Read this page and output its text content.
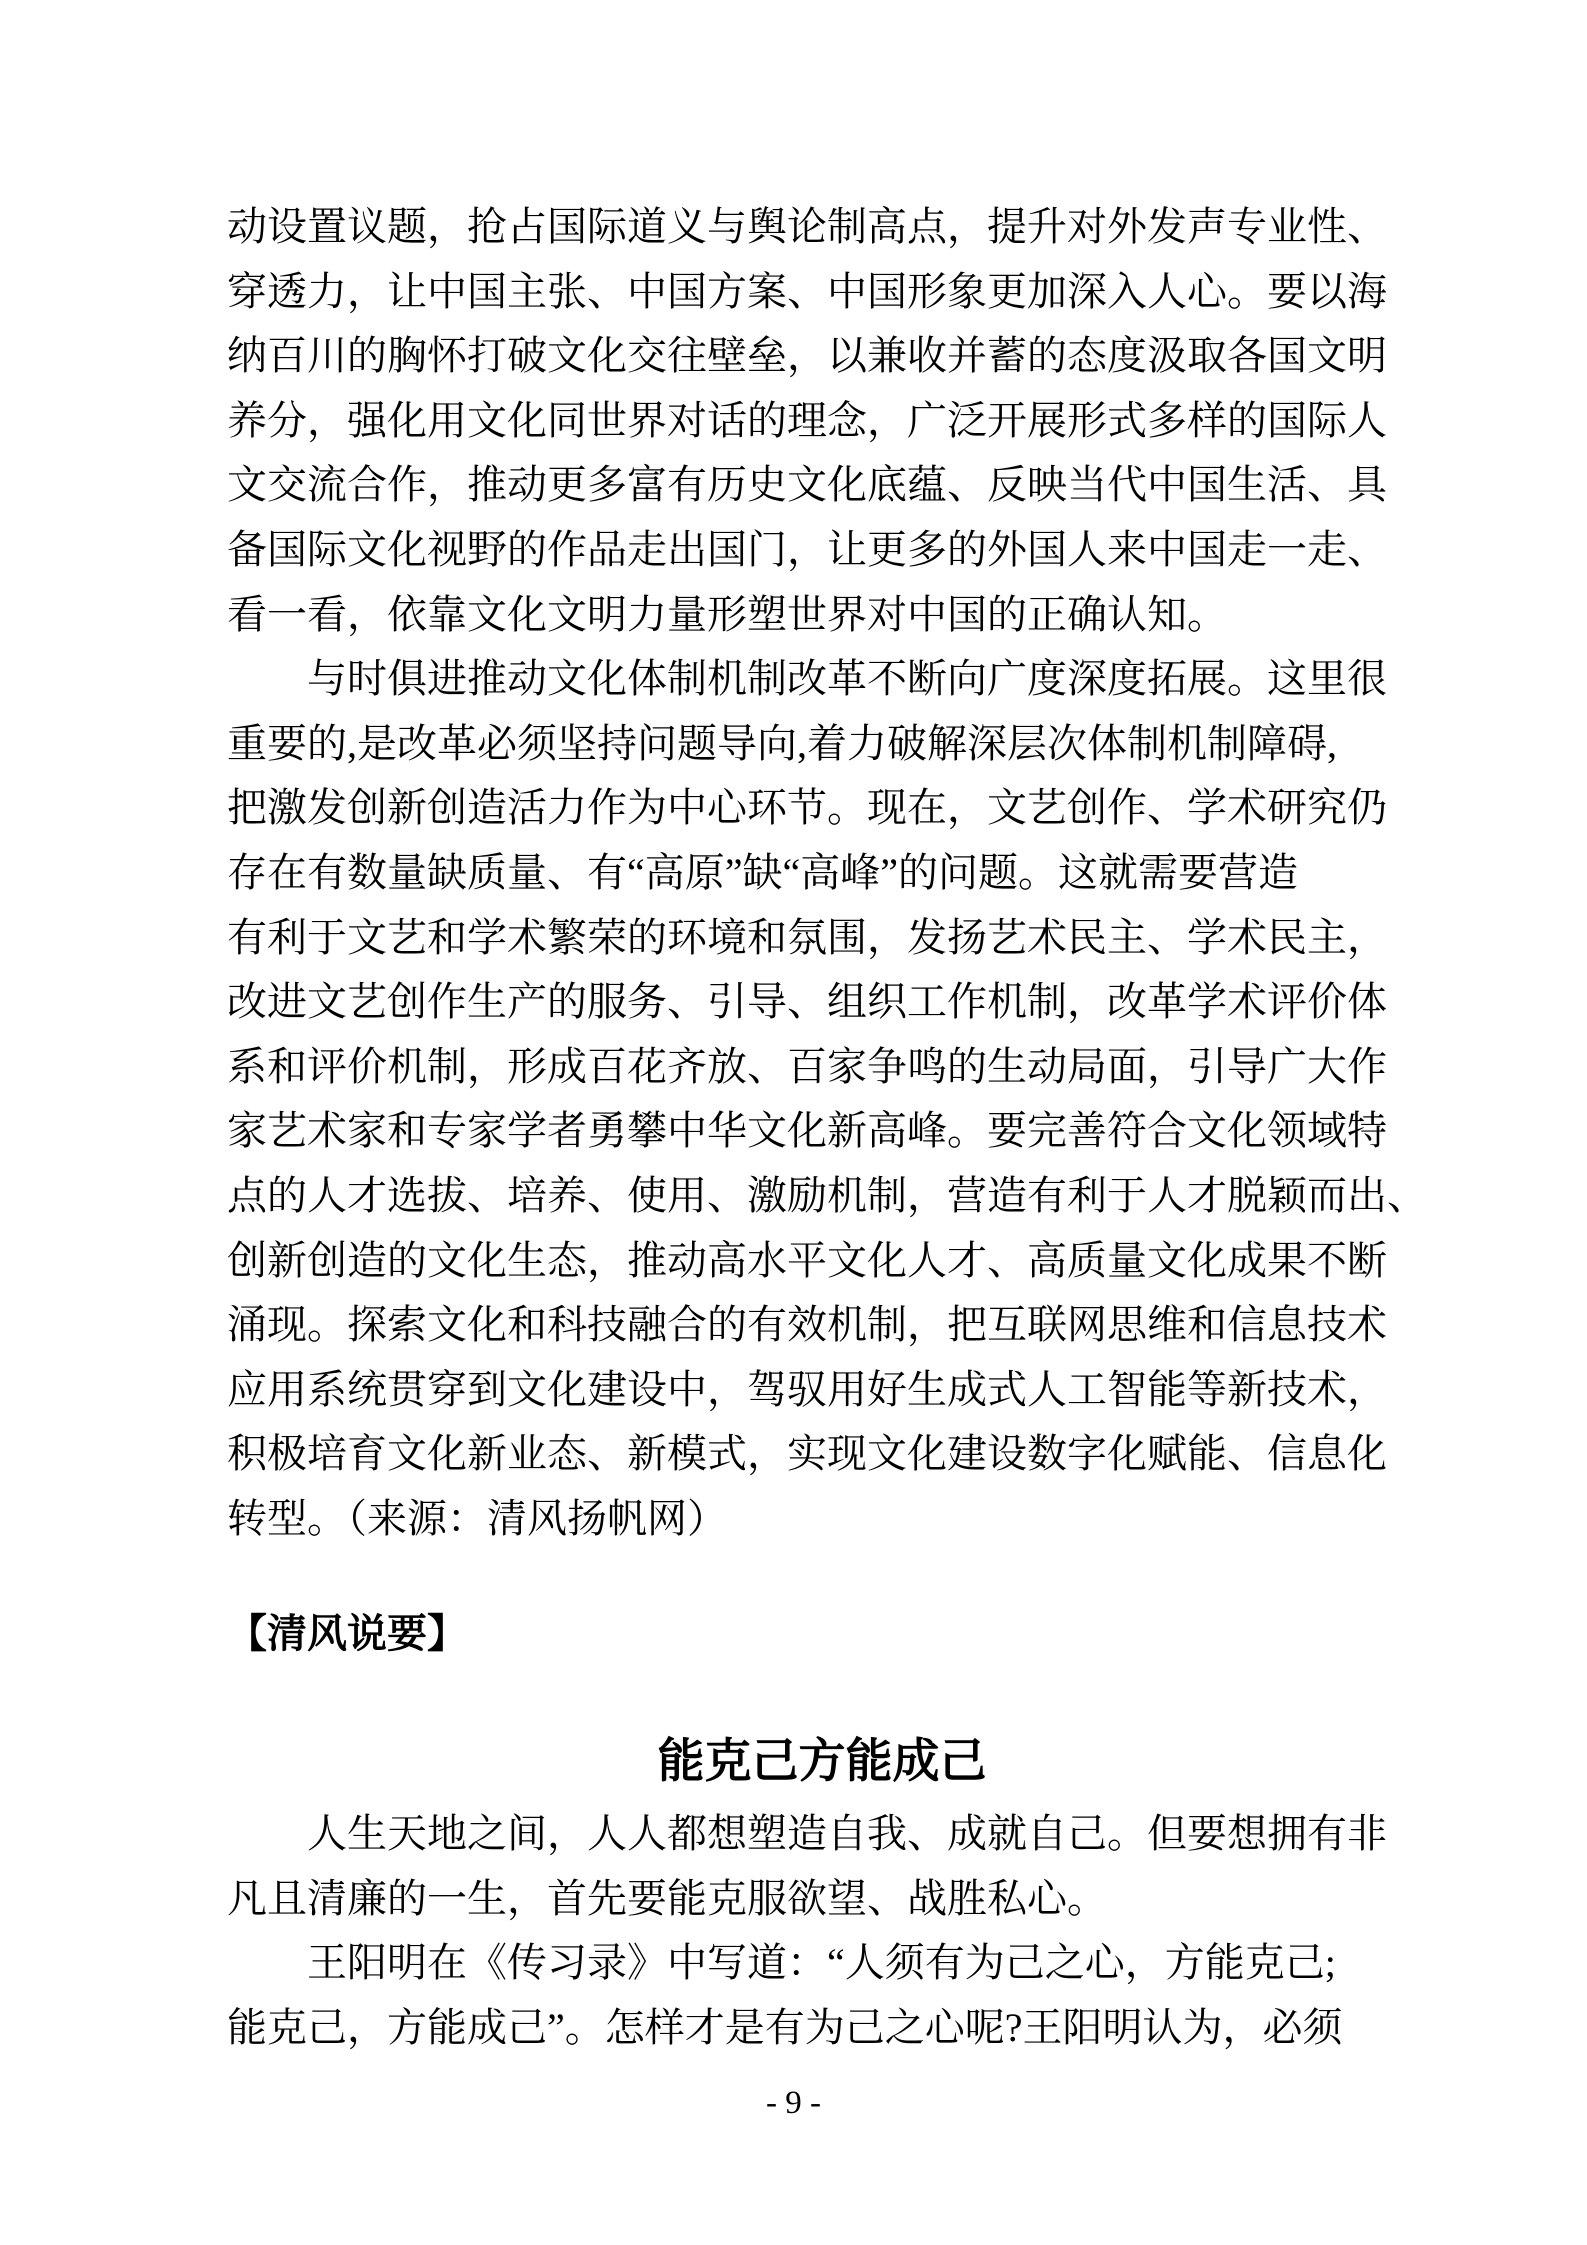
动设置议题，抢占国际道义与舆论制高点，提升对外发声专业性、
穿透力，让中国主张、中国方案、中国形象更加深入人心。要以海
纳百川的胸怀打破文化交往壁垒，以兼收并蓄的态度汲取各国文明
养分，强化用文化同世界对话的理念，广泛开展形式多样的国际人
文交流合作，推动更多富有历史文化底蕴、反映当代中国生活、具
备国际文化视野的作品走出国门，让更多的外国人来中国走一走、
看一看，依靠文化文明力量形塑世界对中国的正确认知。
　　与时俱进推动文化体制机制改革不断向广度深度拓展。这里很
重要的,是改革必须坚持问题导向,着力破解深层次体制机制障碍,
把激发创新创造活力作为中心环节。现在，文艺创作、学术研究仍
存在有数量缺质量、有“高原”缺“高峰”的问题。这就需要营造
有利于文艺和学术繁荣的环境和氛围，发扬艺术民主、学术民主，
改进文艺创作生产的服务、引导、组织工作机制，改革学术评价体
系和评价机制，形成百花齐放、百家争鸣的生动局面，引导广大作
家艺术家和专家学者勇攀中华文化新高峰。要完善符合文化领域特
点的人才选拔、培养、使用、激励机制，营造有利于人才脱颖而出、
创新创造的文化生态，推动高水平文化人才、高质量文化成果不断
涌现。探索文化和科技融合的有效机制，把互联网思维和信息技术
应用系统贯穿到文化建设中，驾驭用好生成式人工智能等新技术，
积极培育文化新业态、新模式，实现文化建设数字化赋能、信息化
转型。（来源：清风扬帆网）
【清风说要】
能克己方能成己
　　人生天地之间，人人都想塑造自我、成就自己。但要想拥有非
凡且清廉的一生，首先要能克服欲望、战胜私心。
　　王阳明在《传习录》中写道：“人须有为己之心，方能克己;
能克己，方能成己”。怎样才是有为己之心呢?王阳明认为，必须
- 9 -
